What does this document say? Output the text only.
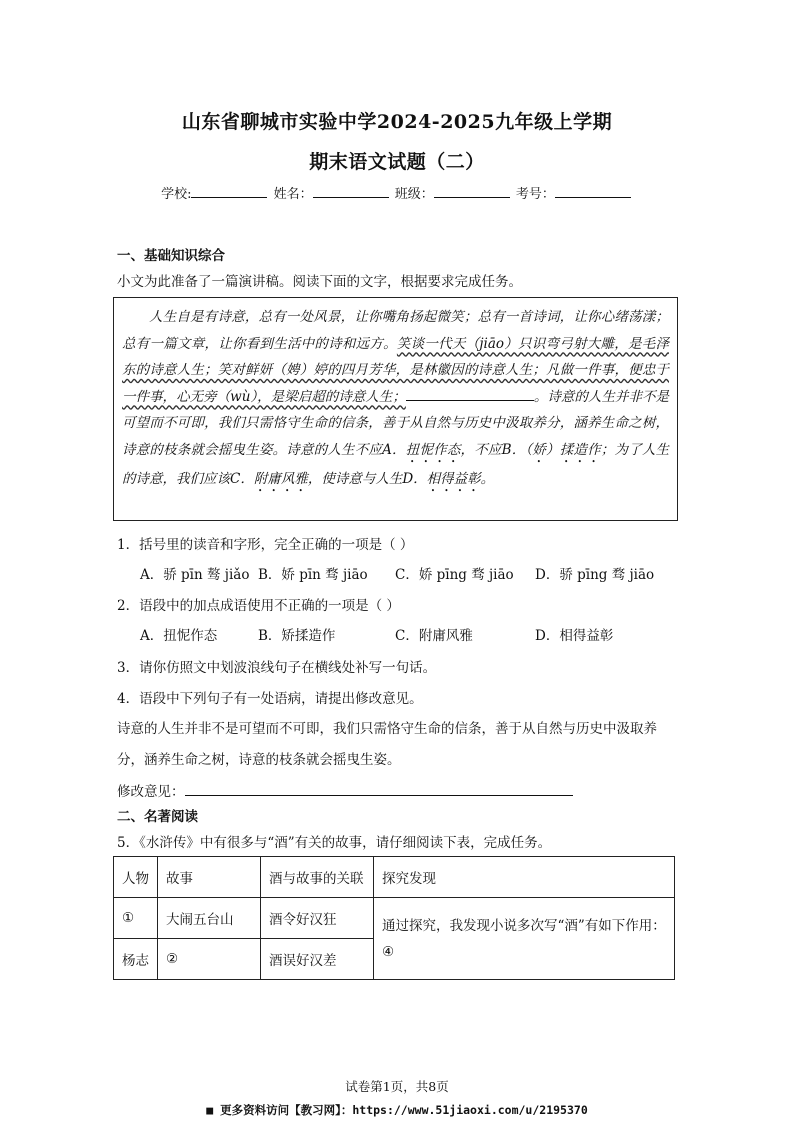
山东省聊城市实验中学2024-2025九年级上学期
期末语文试题（二）
学校:	姓名：	班级：	考号：
一、基础知识综合
小文为此准备了一篇演讲稿。阅读下面的文字，根据要求完成任务。

人生自是有诗意，总有一处风景，让你嘴角扬起微笑；总有一首诗词，让你心绪荡漾；总有一篇文章，让你看到生活中的诗和远方。笑谈一代天（jiāo）只识弯弓射大雕，是毛泽东的诗意人生；笑对鲜妍（娉）婷的四月芳华，是林徽因的诗意人生；凡做一件事，便忠于一件事，心无旁（wù），是梁启超的诗意人生；	。诗意的人生并非不是可望而不可即，我们只需恪守生命的信条，善于从自然与历史中汲取养分，涵养生命之树，诗意的枝条就会摇曳生姿。诗意的人生不应A．扭怩作态，不应B．（娇）揉造作；为了人生的诗意，我们应该C．附庸风雅，使诗意与人生D．相得益彰。

1．括号里的读音和字形，完全正确的一项是（ ）
A．骄 pīn 骜 jiǎo B．娇 pīn 骛 jiāo C．娇 pīng 骛 jiāo D．骄 pīng 骛 jiāo
2．语段中的加点成语使用不正确的一项是（ ）
A．扭怩作态	B．矫揉造作	C．附庸风雅	D．相得益彰
3．请你仿照文中划波浪线句子在横线处补写一句话。
4．语段中下列句子有一处语病，请提出修改意见。
诗意的人生并非不是可望而不可即，我们只需恪守生命的信条，善于从自然与历史中汲取养
分，涵养生命之树，诗意的枝条就会摇曳生姿。
修改意见：
二、名著阅读
5．《水浒传》中有很多与“酒”有关的故事，请仔细阅读下表，完成任务。
人物	故事	酒与故事的关联	探究发现
①	大闹五台山	酒令好汉狂	通过探究，我发现小说多次写“酒”有如下作用：
④

杨志	②	酒误好汉差	
试卷第1页，共8页
■ 更多资料访问【教习网】：https://www.51jiaoxi.com/u/2195370
